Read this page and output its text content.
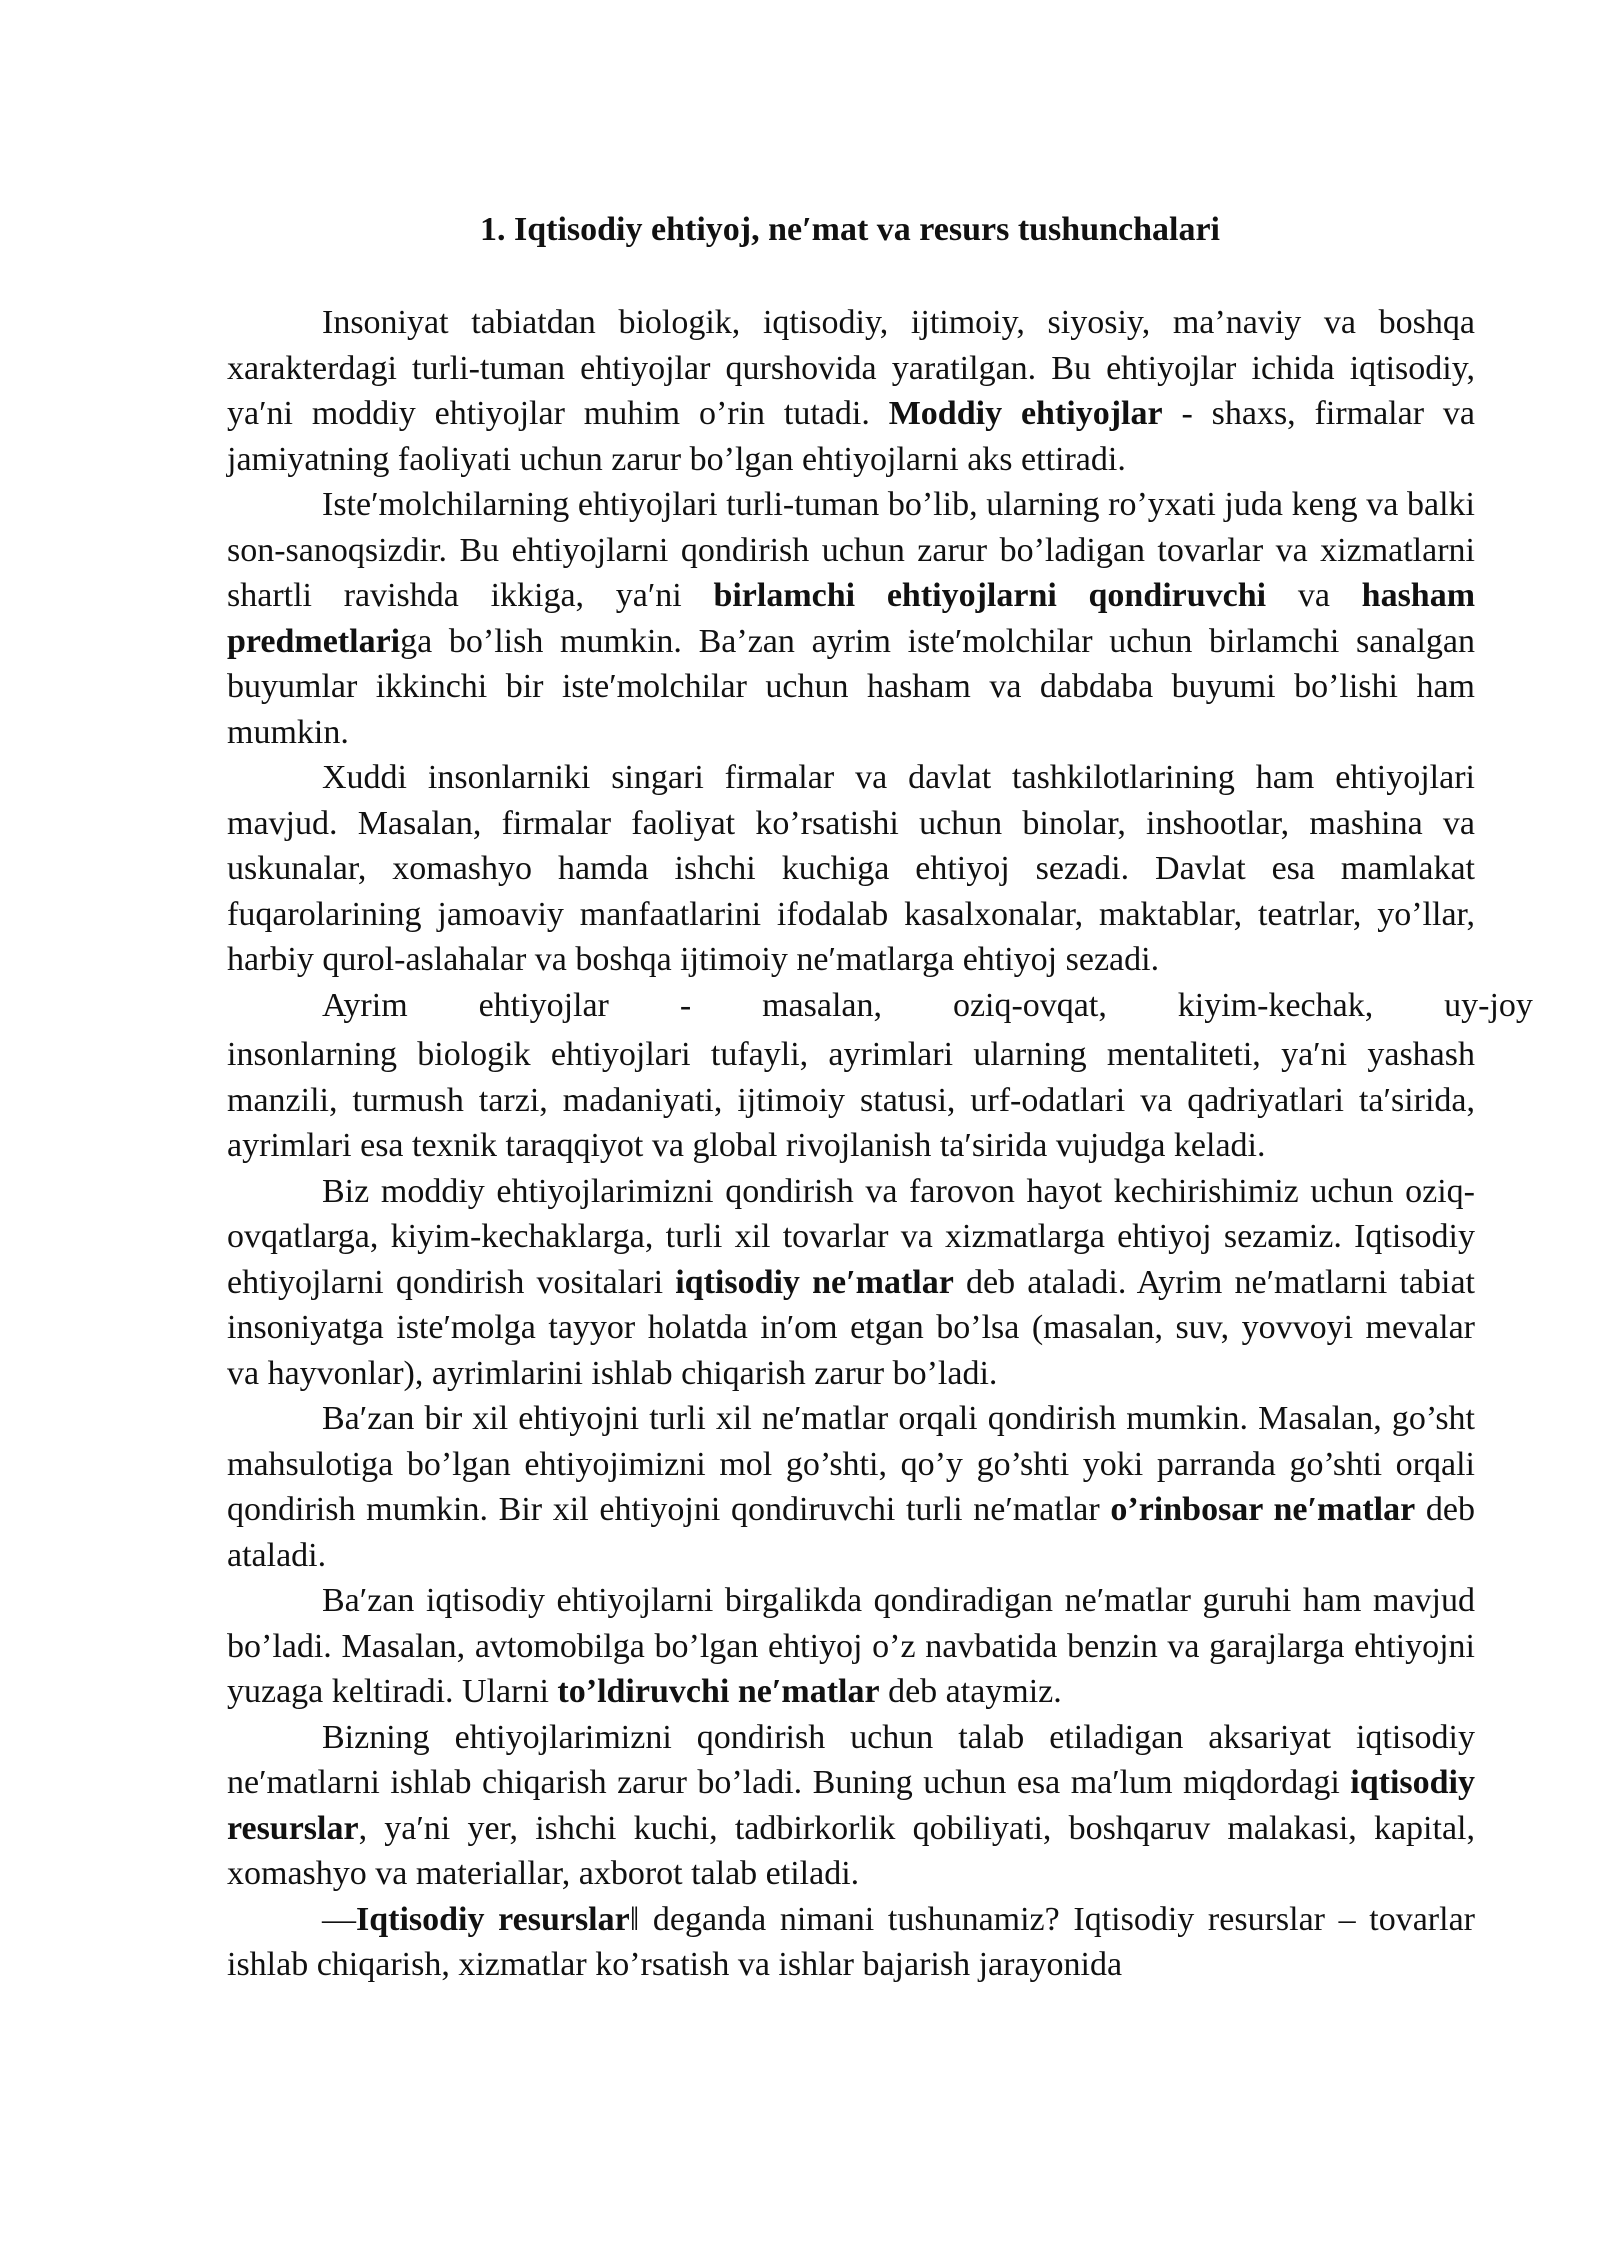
1. Iqtisodiy ehtiyoj, ne′mat va resurs tushunchalari

Insoniyat tabiatdan biologik, iqtisodiy, ijtimoiy, siyosiy, ma’naviy va boshqa xarakterdagi turli-tuman ehtiyojlar qurshovida yaratilgan. Bu ehtiyojlar ichida iqtisodiy, ya′ni moddiy ehtiyojlar muhim o’rin tutadi. Moddiy ehtiyojlar - shaxs, firmalar va jamiyatning faoliyati uchun zarur bo’lgan ehtiyojlarni aks ettiradi.

Iste′molchilarning ehtiyojlari turli-tuman bo’lib, ularning ro’yxati juda keng va balki son-sanoqsizdir. Bu ehtiyojlarni qondirish uchun zarur bo’ladigan tovarlar va xizmatlarni shartli ravishda ikkiga, ya′ni birlamchi ehtiyojlarni qondiruvchi va hasham predmetlariga bo’lish mumkin. Ba’zan ayrim iste′molchilar uchun birlamchi sanalgan buyumlar ikkinchi bir iste′molchilar uchun hasham va dabdaba buyumi bo’lishi ham mumkin.

Xuddi insonlarniki singari firmalar va davlat tashkilotlarining ham ehtiyojlari mavjud. Masalan, firmalar faoliyat ko’rsatishi uchun binolar, inshootlar, mashina va uskunalar, xomashyo hamda ishchi kuchiga ehtiyoj sezadi. Davlat esa mamlakat fuqarolarining jamoaviy manfaatlarini ifodalab kasalxonalar, maktablar, teatrlar, yo’llar, harbiy qurol-aslahalar va boshqa ijtimoiy ne′matlarga ehtiyoj sezadi.

Ayrim ehtiyojlar - masalan, oziq-ovqat, kiyim-kechak, uy-joy

insonlarning biologik ehtiyojlari tufayli, ayrimlari ularning mentaliteti, ya′ni yashash manzili, turmush tarzi, madaniyati, ijtimoiy statusi, urf-odatlari va qadriyatlari ta′sirida, ayrimlari esa texnik taraqqiyot va global rivojlanish ta′sirida vujudga keladi.

Biz moddiy ehtiyojlarimizni qondirish va farovon hayot kechirishimiz uchun oziq-ovqatlarga, kiyim-kechaklarga, turli xil tovarlar va xizmatlarga ehtiyoj sezamiz. Iqtisodiy ehtiyojlarni qondirish vositalari iqtisodiy ne′matlar deb ataladi. Ayrim ne′matlarni tabiat insoniyatga iste′molga tayyor holatda in′om etgan bo’lsa (masalan, suv, yovvoyi mevalar va hayvonlar), ayrimlarini ishlab chiqarish zarur bo’ladi.

Ba′zan bir xil ehtiyojni turli xil ne′matlar orqali qondirish mumkin. Masalan, go’sht mahsulotiga bo’lgan ehtiyojimizni mol go’shti, qo’y go’shti yoki parranda go’shti orqali qondirish mumkin. Bir xil ehtiyojni qondiruvchi turli ne′matlar o’rinbosar ne′matlar deb ataladi.

Ba′zan iqtisodiy ehtiyojlarni birgalikda qondiradigan ne′matlar guruhi ham mavjud bo’ladi. Masalan, avtomobilga bo’lgan ehtiyoj o’z navbatida benzin va garajlarga ehtiyojni yuzaga keltiradi. Ularni to’ldiruvchi ne′matlar deb ataymiz.

Bizning ehtiyojlarimizni qondirish uchun talab etiladigan aksariyat iqtisodiy ne′matlarni ishlab chiqarish zarur bo’ladi. Buning uchun esa ma′lum miqdordagi iqtisodiy resurslar, ya′ni yer, ishchi kuchi, tadbirkorlik qobiliyati, boshqaruv malakasi, kapital, xomashyo va materiallar, axborot talab etiladi.

—Iqtisodiy resurslar‖ deganda nimani tushunamiz? Iqtisodiy resurslar – tovarlar ishlab chiqarish, xizmatlar ko’rsatish va ishlar bajarish jarayonida
